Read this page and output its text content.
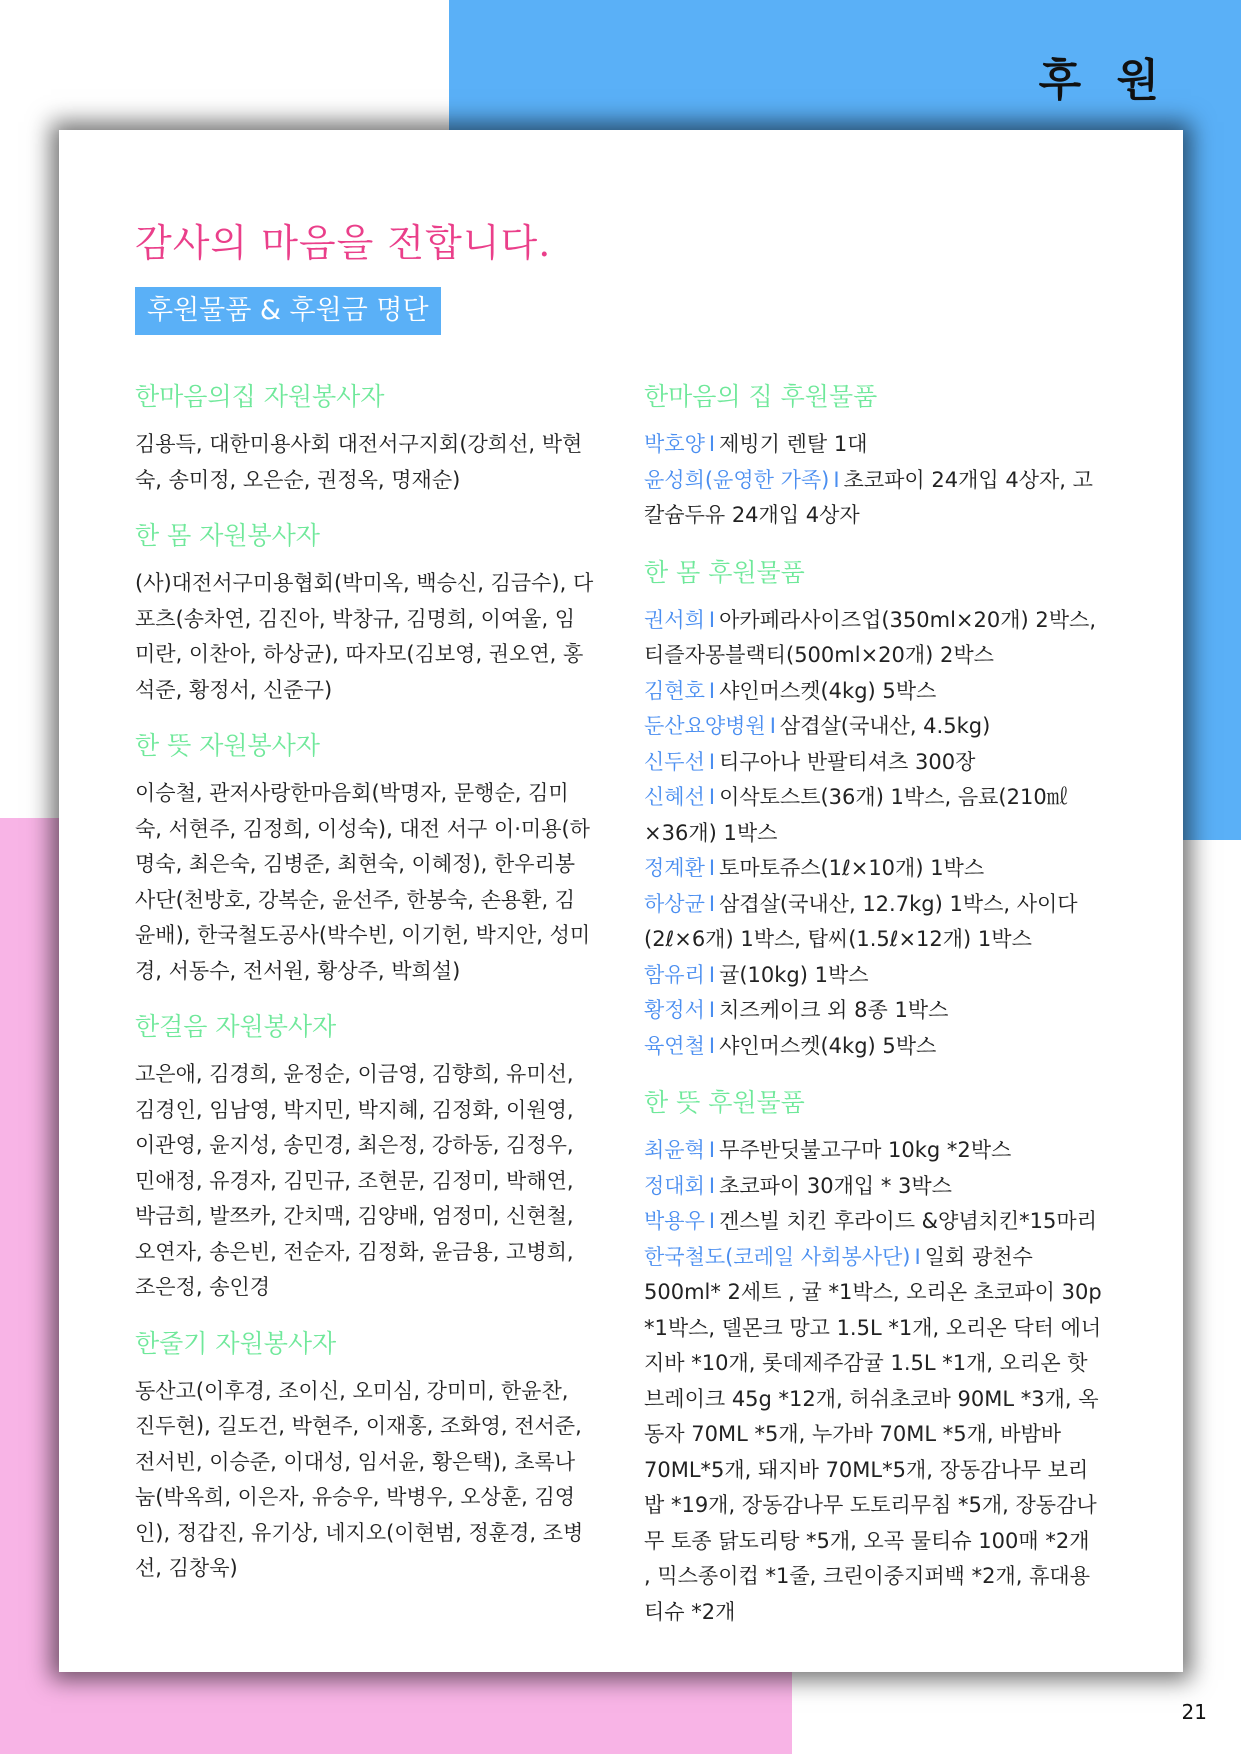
후 원
감사의 마음을 전합니다.
후원물품 & 후원금 명단

한마음의집 자원봉사자

김용득, 대한미용사회 대전서구지회(강희선, 박현숙, 송미정, 오은순, 권정옥, 명재순)

한 몸 자원봉사자

(사)대전서구미용협회(박미옥, 백승신, 김금수), 다포츠(송차연, 김진아, 박창규, 김명희, 이여울, 임미란, 이찬아, 하상균), 따자모(김보영, 권오연, 홍석준, 황정서, 신준구)

한 뜻 자원봉사자

이승철, 관저사랑한마음회(박명자, 문행순, 김미숙, 서현주, 김정희, 이성숙), 대전 서구 이·미용(하명숙, 최은숙, 김병준, 최현숙, 이혜정), 한우리봉사단(천방호, 강복순, 윤선주, 한봉숙, 손용환, 김윤배), 한국철도공사(박수빈, 이기헌, 박지안, 성미경, 서동수, 전서원, 황상주, 박희설)

한걸음 자원봉사자

고은애, 김경희, 윤정순, 이금영, 김향희, 유미선, 김경인, 임남영, 박지민, 박지혜, 김정화, 이원영, 이관영, 윤지성, 송민경, 최은정, 강하동, 김정우, 민애정, 유경자, 김민규, 조현문, 김정미, 박해연, 박금희, 발쯔카, 간치맥, 김양배, 엄정미, 신현철, 오연자, 송은빈, 전순자, 김정화, 윤금용, 고병희, 조은정, 송인경

한줄기 자원봉사자

동산고(이후경, 조이신, 오미심, 강미미, 한윤찬, 진두현), 길도건, 박현주, 이재홍, 조화영, 전서준, 전서빈, 이승준, 이대성, 임서윤, 황은택), 초록나눔(박옥희, 이은자, 유승우, 박병우, 오상훈, 김영인), 정갑진, 유기상, 네지오(이현범, 정훈경, 조병선, 김창욱)

한마음의 집 후원물품

박호양 I 제빙기 렌탈 1대

윤성희(윤영한 가족) I 초코파이 24개입 4상자, 고칼슘두유 24개입 4상자

한 몸 후원물품

권서희 I 아카페라사이즈업(350ml×20개) 2박스, 티즐자몽블랙티(500ml×20개) 2박스

김현호 I 샤인머스켓(4kg) 5박스

둔산요양병원 I 삼겹살(국내산, 4.5kg)

신두선 I 티구아나 반팔티셔츠 300장

신혜선 I 이삭토스트(36개) 1박스, 음료(210㎖×36개) 1박스

정계환 I 토마토쥬스(1ℓ×10개) 1박스

하상균 I 삼겹살(국내산, 12.7kg) 1박스, 사이다(2ℓ×6개) 1박스, 탑씨(1.5ℓ×12개) 1박스

함유리 I 귤(10kg) 1박스

황정서 I 치즈케이크 외 8종 1박스

육연철 I 샤인머스켓(4kg) 5박스

한 뜻 후원물품

최윤혁 I 무주반딧불고구마 10kg *2박스

정대회 I 초코파이 30개입 * 3박스

박용우 I 겐스빌 치킨 후라이드 &양념치킨*15마리

한국철도(코레일 사회봉사단) I 일회 광천수 500ml* 2세트 , 귤 *1박스, 오리온 초코파이 30p *1박스, 델몬크 망고 1.5L *1개, 오리온 닥터 에너지바 *10개, 롯데제주감귤 1.5L *1개, 오리온 핫브레이크 45g *12개, 허쉬초코바 90ML *3개, 옥동자 70ML *5개, 누가바 70ML *5개, 바밤바 70ML*5개, 돼지바 70ML*5개, 장동감나무 보리밥 *19개, 장동감나무 도토리무침 *5개, 장동감나무 토종 닭도리탕 *5개, 오곡 물티슈 100매 *2개 , 믹스종이컵 *1줄, 크린이중지퍼백 *2개, 휴대용 티슈 *2개

21
